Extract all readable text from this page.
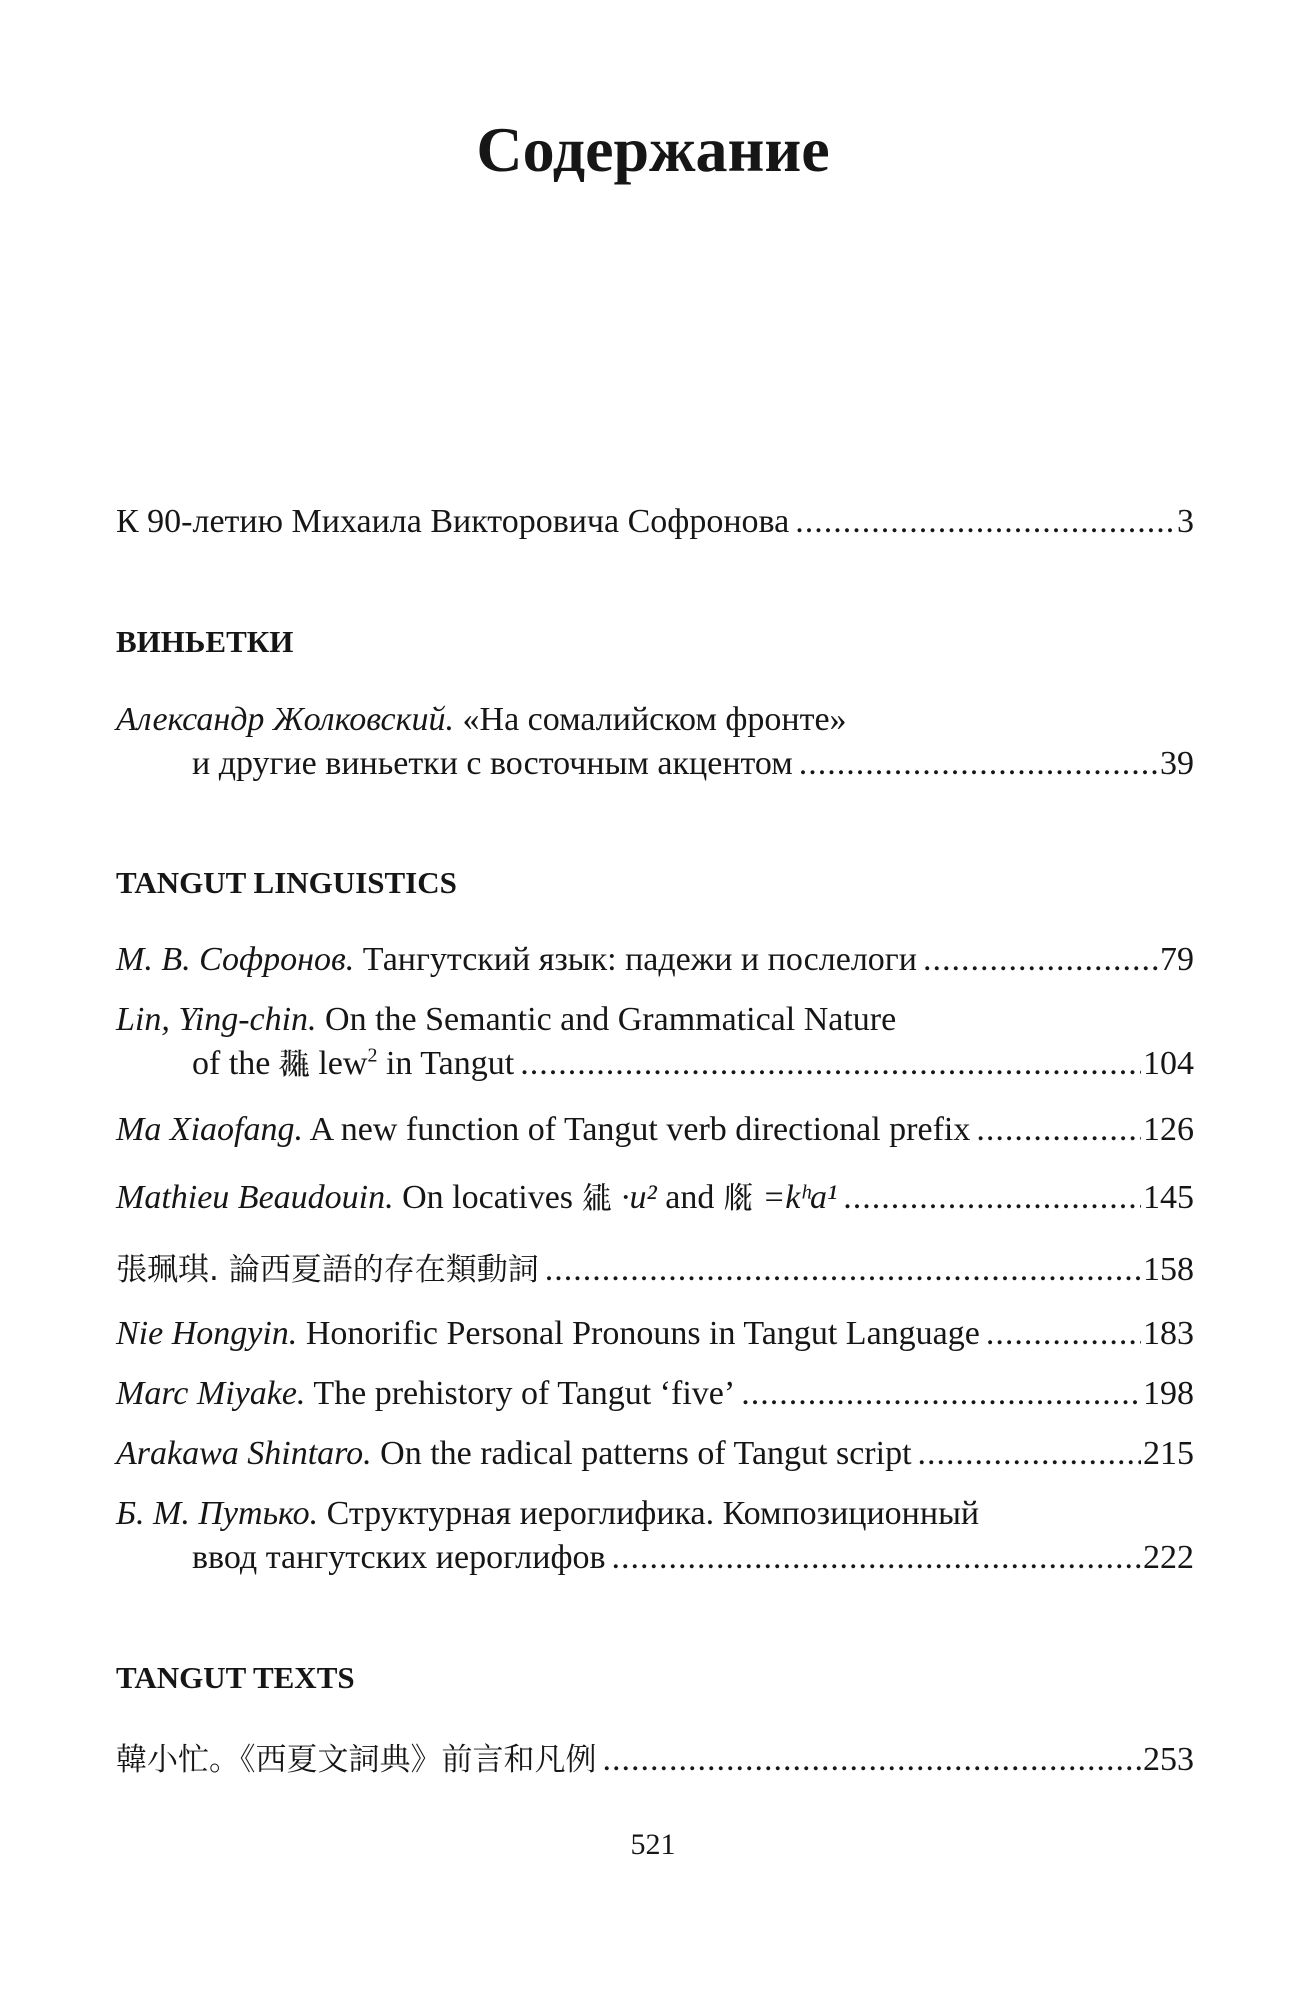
Содержание
К 90-летию Михаила Викторовича Софронова .....	3
ВИНЬЕТКИ
Александр Жолковский. «На сомалийском фронте»
и другие виньетки с восточным акцентом .....	39
TANGUT LINGUISTICS
М. В. Софронов. Тангутский язык: падежи и послелоги .....	79
Lin, Ying-chin. On the Semantic and Grammatical Nature
of the 𗖵 lew$^2$ in Tangut .....	104
Ma Xiaofang. A new function of Tangut verb directional prefix .....	126
Mathieu Beaudouin. On locatives 𗧓 ·u² and 𗅋 =kʰa¹ .....	145
張珮琪. 論西夏語的存在類動詞 .....	158
Nie Hongyin. Honorific Personal Pronouns in Tangut Language .....	183
Marc Miyake. The prehistory of Tangut ‘five’ .....	198
Arakawa Shintaro. On the radical patterns of Tangut script .....	215
Б. М. Путько. Структурная иероглифика. Композиционный
ввод тангутских иероглифов .....	222
TANGUT TEXTS
韓小忙。《西夏文詞典》前言和凡例 .....	253
521
